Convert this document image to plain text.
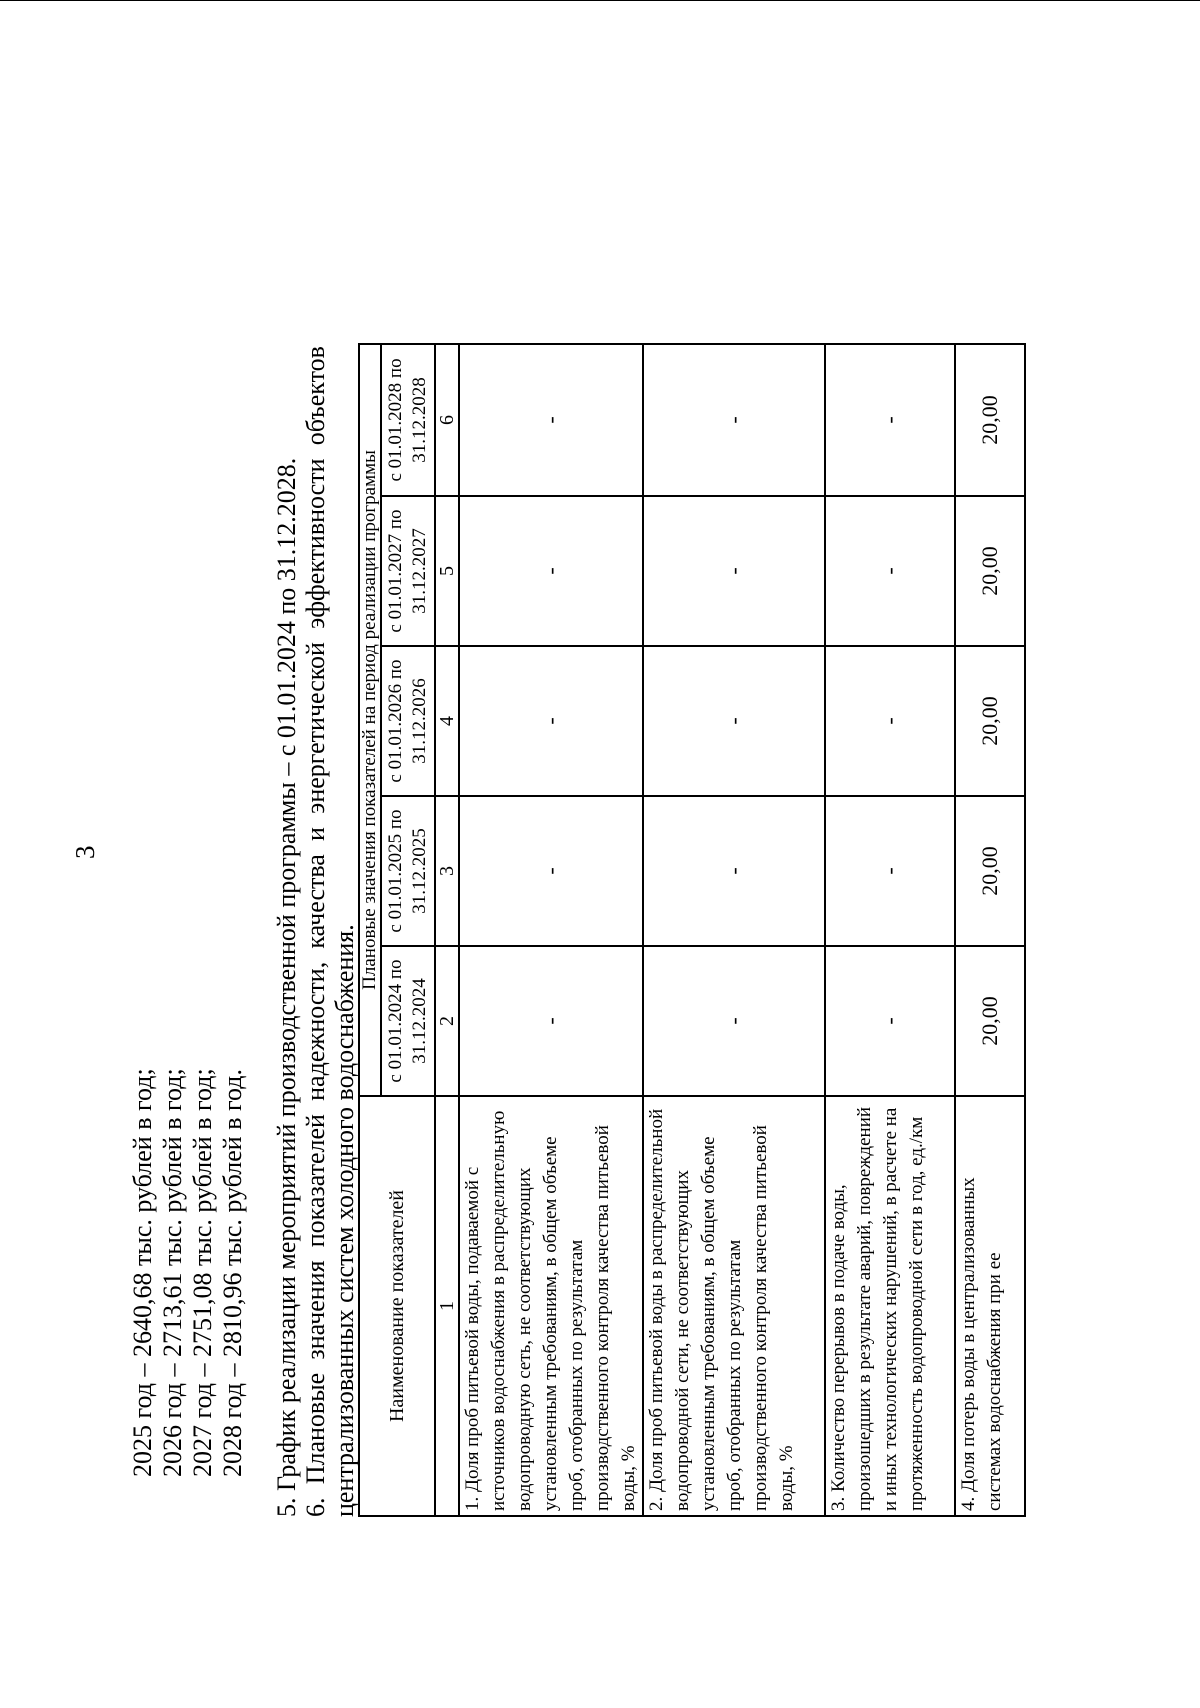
3
2025 год – 2640,68 тыс. рублей в год; 2026 год – 2713,61 тыс. рублей в год; 2027 год – 2751,08 тыс. рублей в год; 2028 год – 2810,96 тыс. рублей в год. 5. График реализации мероприятий производственной программы – с 01.01.2024 по 31.12.2028. 6.
Плановые
значения
показателей
надежности,
качества
и
энергетической
эффективности
объектов
централизованных систем холодного водоснабжения. Наименование показателей	Плановые значения показателей на период реализации программы				
	с 01.01.2024 по 31.12.2024	с 01.01.2025 по 31.12.2025	с 01.01.2026 по 31.12.2026	с 01.01.2027 по 31.12.2027	с 01.01.2028 по 31.12.2028
1	2	3	4	5	6
1. Доля проб питьевой воды, подаваемой с источников водоснабжения в распределительную водопроводную сеть, не соответствующих установленным требованиям, в общем объеме проб, отобранных по результатам производственного контроля качества питьевой воды, %	-	-	-	-	-
2. Доля проб питьевой воды в распределительной водопроводной сети, не соответствующих установленным требованиям, в общем объеме проб, отобранных по результатам производственного контроля качества питьевой воды, %	-	-	-	-	-
3. Количество перерывов в подаче воды, произошедших в результате аварий, повреждений и иных технологических нарушений, в расчете на протяженность водопроводной сети в год, ед./км	-	-	-	-	-
4. Доля потерь воды в централизованных системах водоснабжения при ее	20,00	20,00	20,00	20,00	20,00
